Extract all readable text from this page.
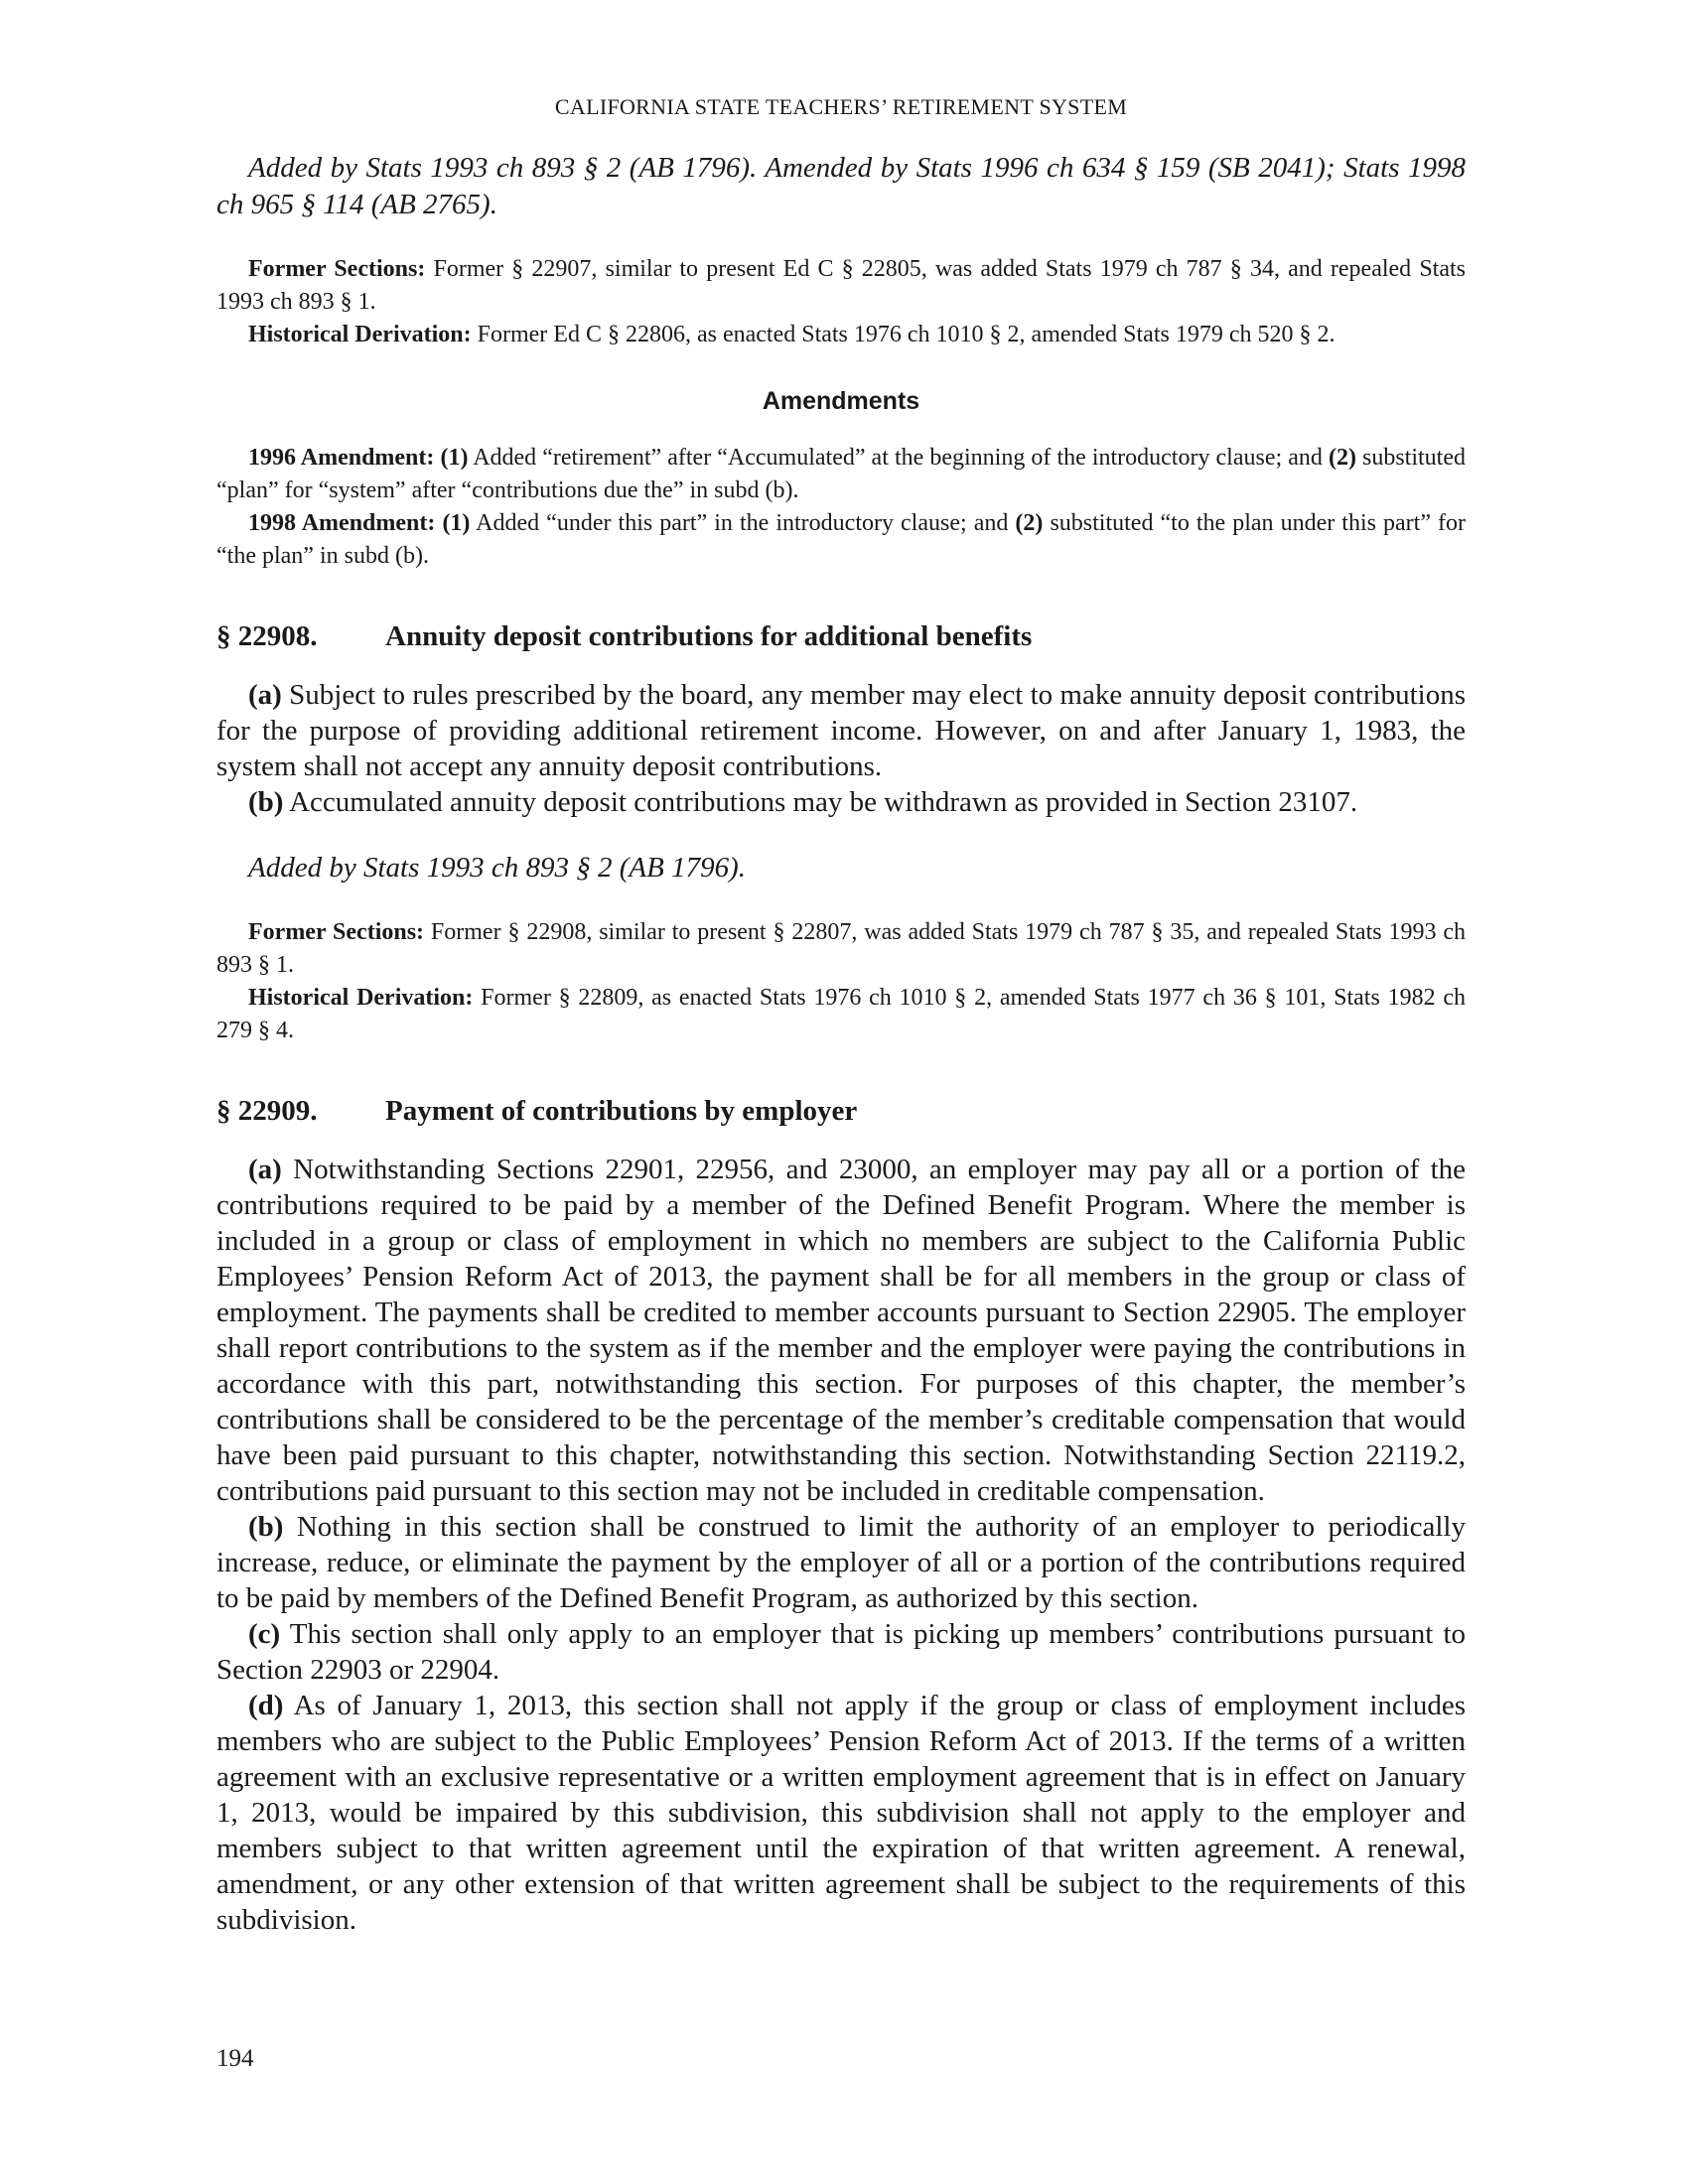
CALIFORNIA STATE TEACHERS’ RETIREMENT SYSTEM

Added by Stats 1993 ch 893 § 2 (AB 1796). Amended by Stats 1996 ch 634 § 159 (SB 2041); Stats 1998 ch 965 § 114 (AB 2765).

Former Sections: Former § 22907, similar to present Ed C § 22805, was added Stats 1979 ch 787 § 34, and repealed Stats 1993 ch 893 § 1.

Historical Derivation: Former Ed C § 22806, as enacted Stats 1976 ch 1010 § 2, amended Stats 1979 ch 520 § 2.

Amendments

1996 Amendment: (1) Added “retirement” after “Accumulated” at the beginning of the introductory clause; and (2) substituted “plan” for “system” after “contributions due the” in subd (b).

1998 Amendment: (1) Added “under this part” in the introductory clause; and (2) substituted “to the plan under this part” for “the plan” in subd (b).

§ 22908.	Annuity deposit contributions for additional benefits

(a) Subject to rules prescribed by the board, any member may elect to make annuity deposit contributions for the purpose of providing additional retirement income. However, on and after January 1, 1983, the system shall not accept any annuity deposit contributions.

(b) Accumulated annuity deposit contributions may be withdrawn as provided in Section 23107.

Added by Stats 1993 ch 893 § 2 (AB 1796).

Former Sections: Former § 22908, similar to present § 22807, was added Stats 1979 ch 787 § 35, and repealed Stats 1993 ch 893 § 1.

Historical Derivation: Former § 22809, as enacted Stats 1976 ch 1010 § 2, amended Stats 1977 ch 36 § 101, Stats 1982 ch 279 § 4.

§ 22909.	Payment of contributions by employer

(a) Notwithstanding Sections 22901, 22956, and 23000, an employer may pay all or a portion of the contributions required to be paid by a member of the Defined Benefit Program. Where the member is included in a group or class of employment in which no members are subject to the California Public Employees’ Pension Reform Act of 2013, the payment shall be for all members in the group or class of employment. The payments shall be credited to member accounts pursuant to Section 22905. The employer shall report contributions to the system as if the member and the employer were paying the contributions in accordance with this part, notwithstanding this section. For purposes of this chapter, the member’s contributions shall be considered to be the percentage of the member’s creditable compensation that would have been paid pursuant to this chapter, notwithstanding this section. Notwithstanding Section 22119.2, contributions paid pursuant to this section may not be included in creditable compensation.

(b) Nothing in this section shall be construed to limit the authority of an employer to periodically increase, reduce, or eliminate the payment by the employer of all or a portion of the contributions required to be paid by members of the Defined Benefit Program, as authorized by this section.

(c) This section shall only apply to an employer that is picking up members’ contributions pursuant to Section 22903 or 22904.

(d) As of January 1, 2013, this section shall not apply if the group or class of employment includes members who are subject to the Public Employees’ Pension Reform Act of 2013. If the terms of a written agreement with an exclusive representative or a written employment agreement that is in effect on January 1, 2013, would be impaired by this subdivision, this subdivision shall not apply to the employer and members subject to that written agreement until the expiration of that written agreement. A renewal, amendment, or any other extension of that written agreement shall be subject to the requirements of this subdivision.

194
